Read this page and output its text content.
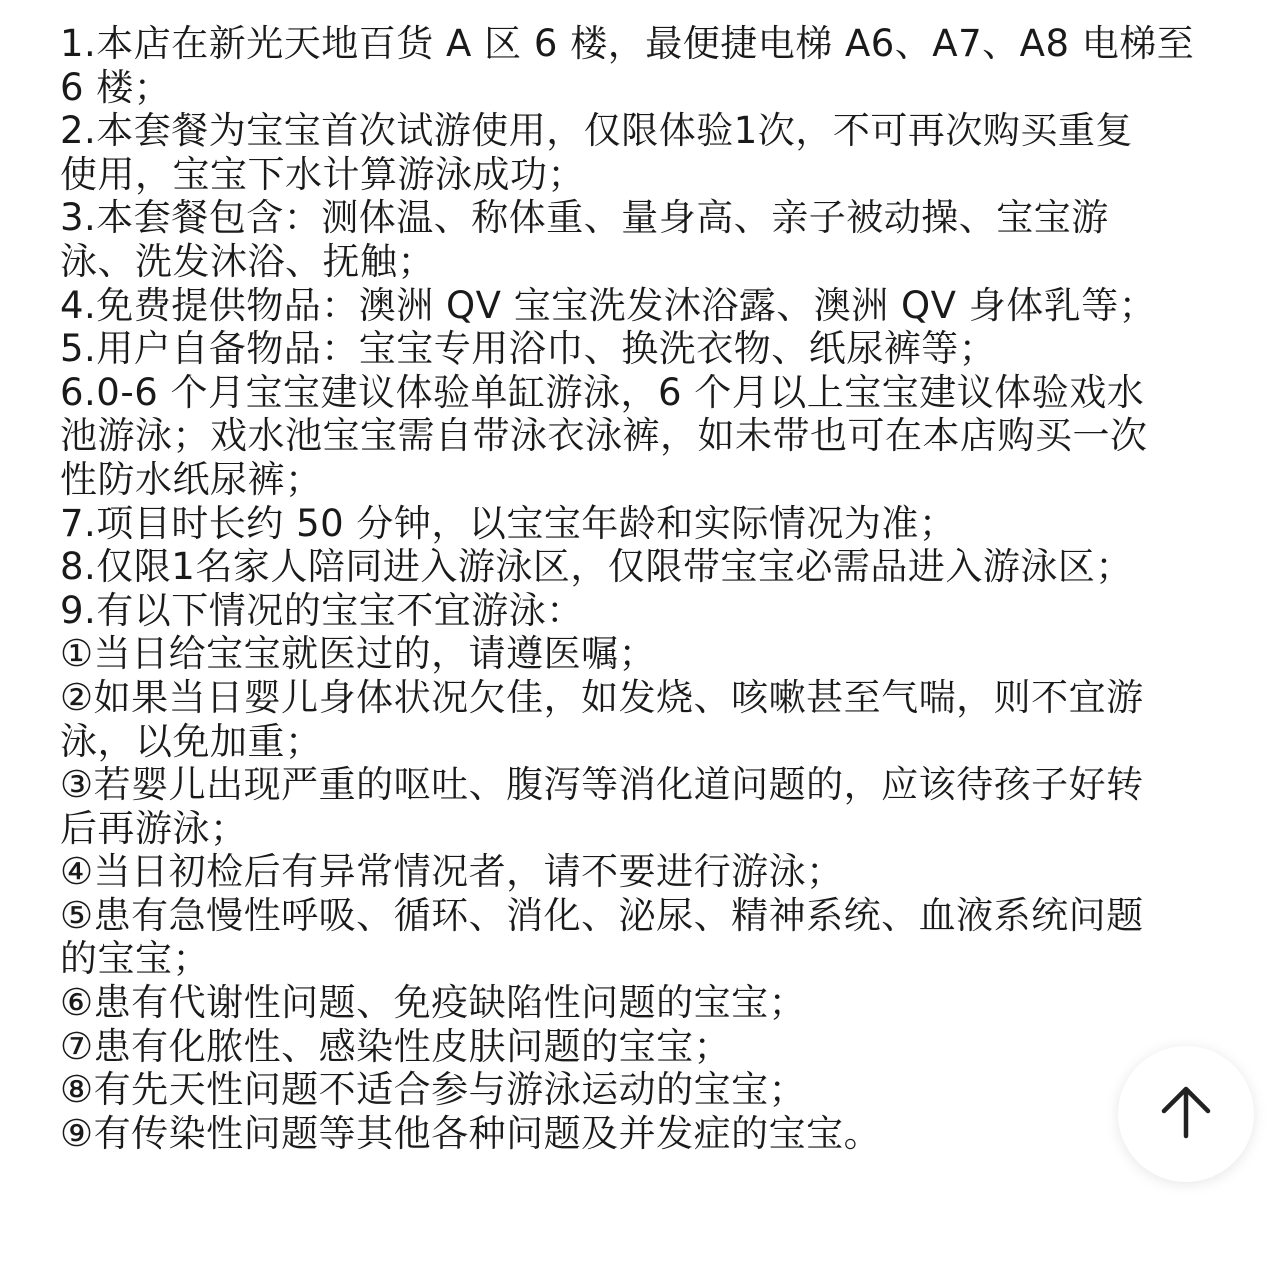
1.本店在新光天地百货 A 区 6 楼，最便捷电梯 A6、A7、A8 电梯至
6 楼；
2.本套餐为宝宝首次试游使用，仅限体验1次，不可再次购买重复
使用，宝宝下水计算游泳成功；
3.本套餐包含：测体温、称体重、量身高、亲子被动操、宝宝游
泳、洗发沐浴、抚触；
4.免费提供物品：澳洲 QV 宝宝洗发沐浴露、澳洲 QV 身体乳等；
5.用户自备物品：宝宝专用浴巾、换洗衣物、纸尿裤等；
6.0-6 个月宝宝建议体验单缸游泳，6 个月以上宝宝建议体验戏水
池游泳；戏水池宝宝需自带泳衣泳裤，如未带也可在本店购买一次
性防水纸尿裤；
7.项目时长约 50 分钟，以宝宝年龄和实际情况为准；
8.仅限1名家人陪同进入游泳区，仅限带宝宝必需品进入游泳区；
9.有以下情况的宝宝不宜游泳：
①当日给宝宝就医过的，请遵医嘱；
②如果当日婴儿身体状况欠佳，如发烧、咳嗽甚至气喘，则不宜游
泳，以免加重；
③若婴儿出现严重的呕吐、腹泻等消化道问题的，应该待孩子好转
后再游泳；
④当日初检后有异常情况者，请不要进行游泳；
⑤患有急慢性呼吸、循环、消化、泌尿、精神系统、血液系统问题
的宝宝；
⑥患有代谢性问题、免疫缺陷性问题的宝宝；
⑦患有化脓性、感染性皮肤问题的宝宝；
⑧有先天性问题不适合参与游泳运动的宝宝；
⑨有传染性问题等其他各种问题及并发症的宝宝。
